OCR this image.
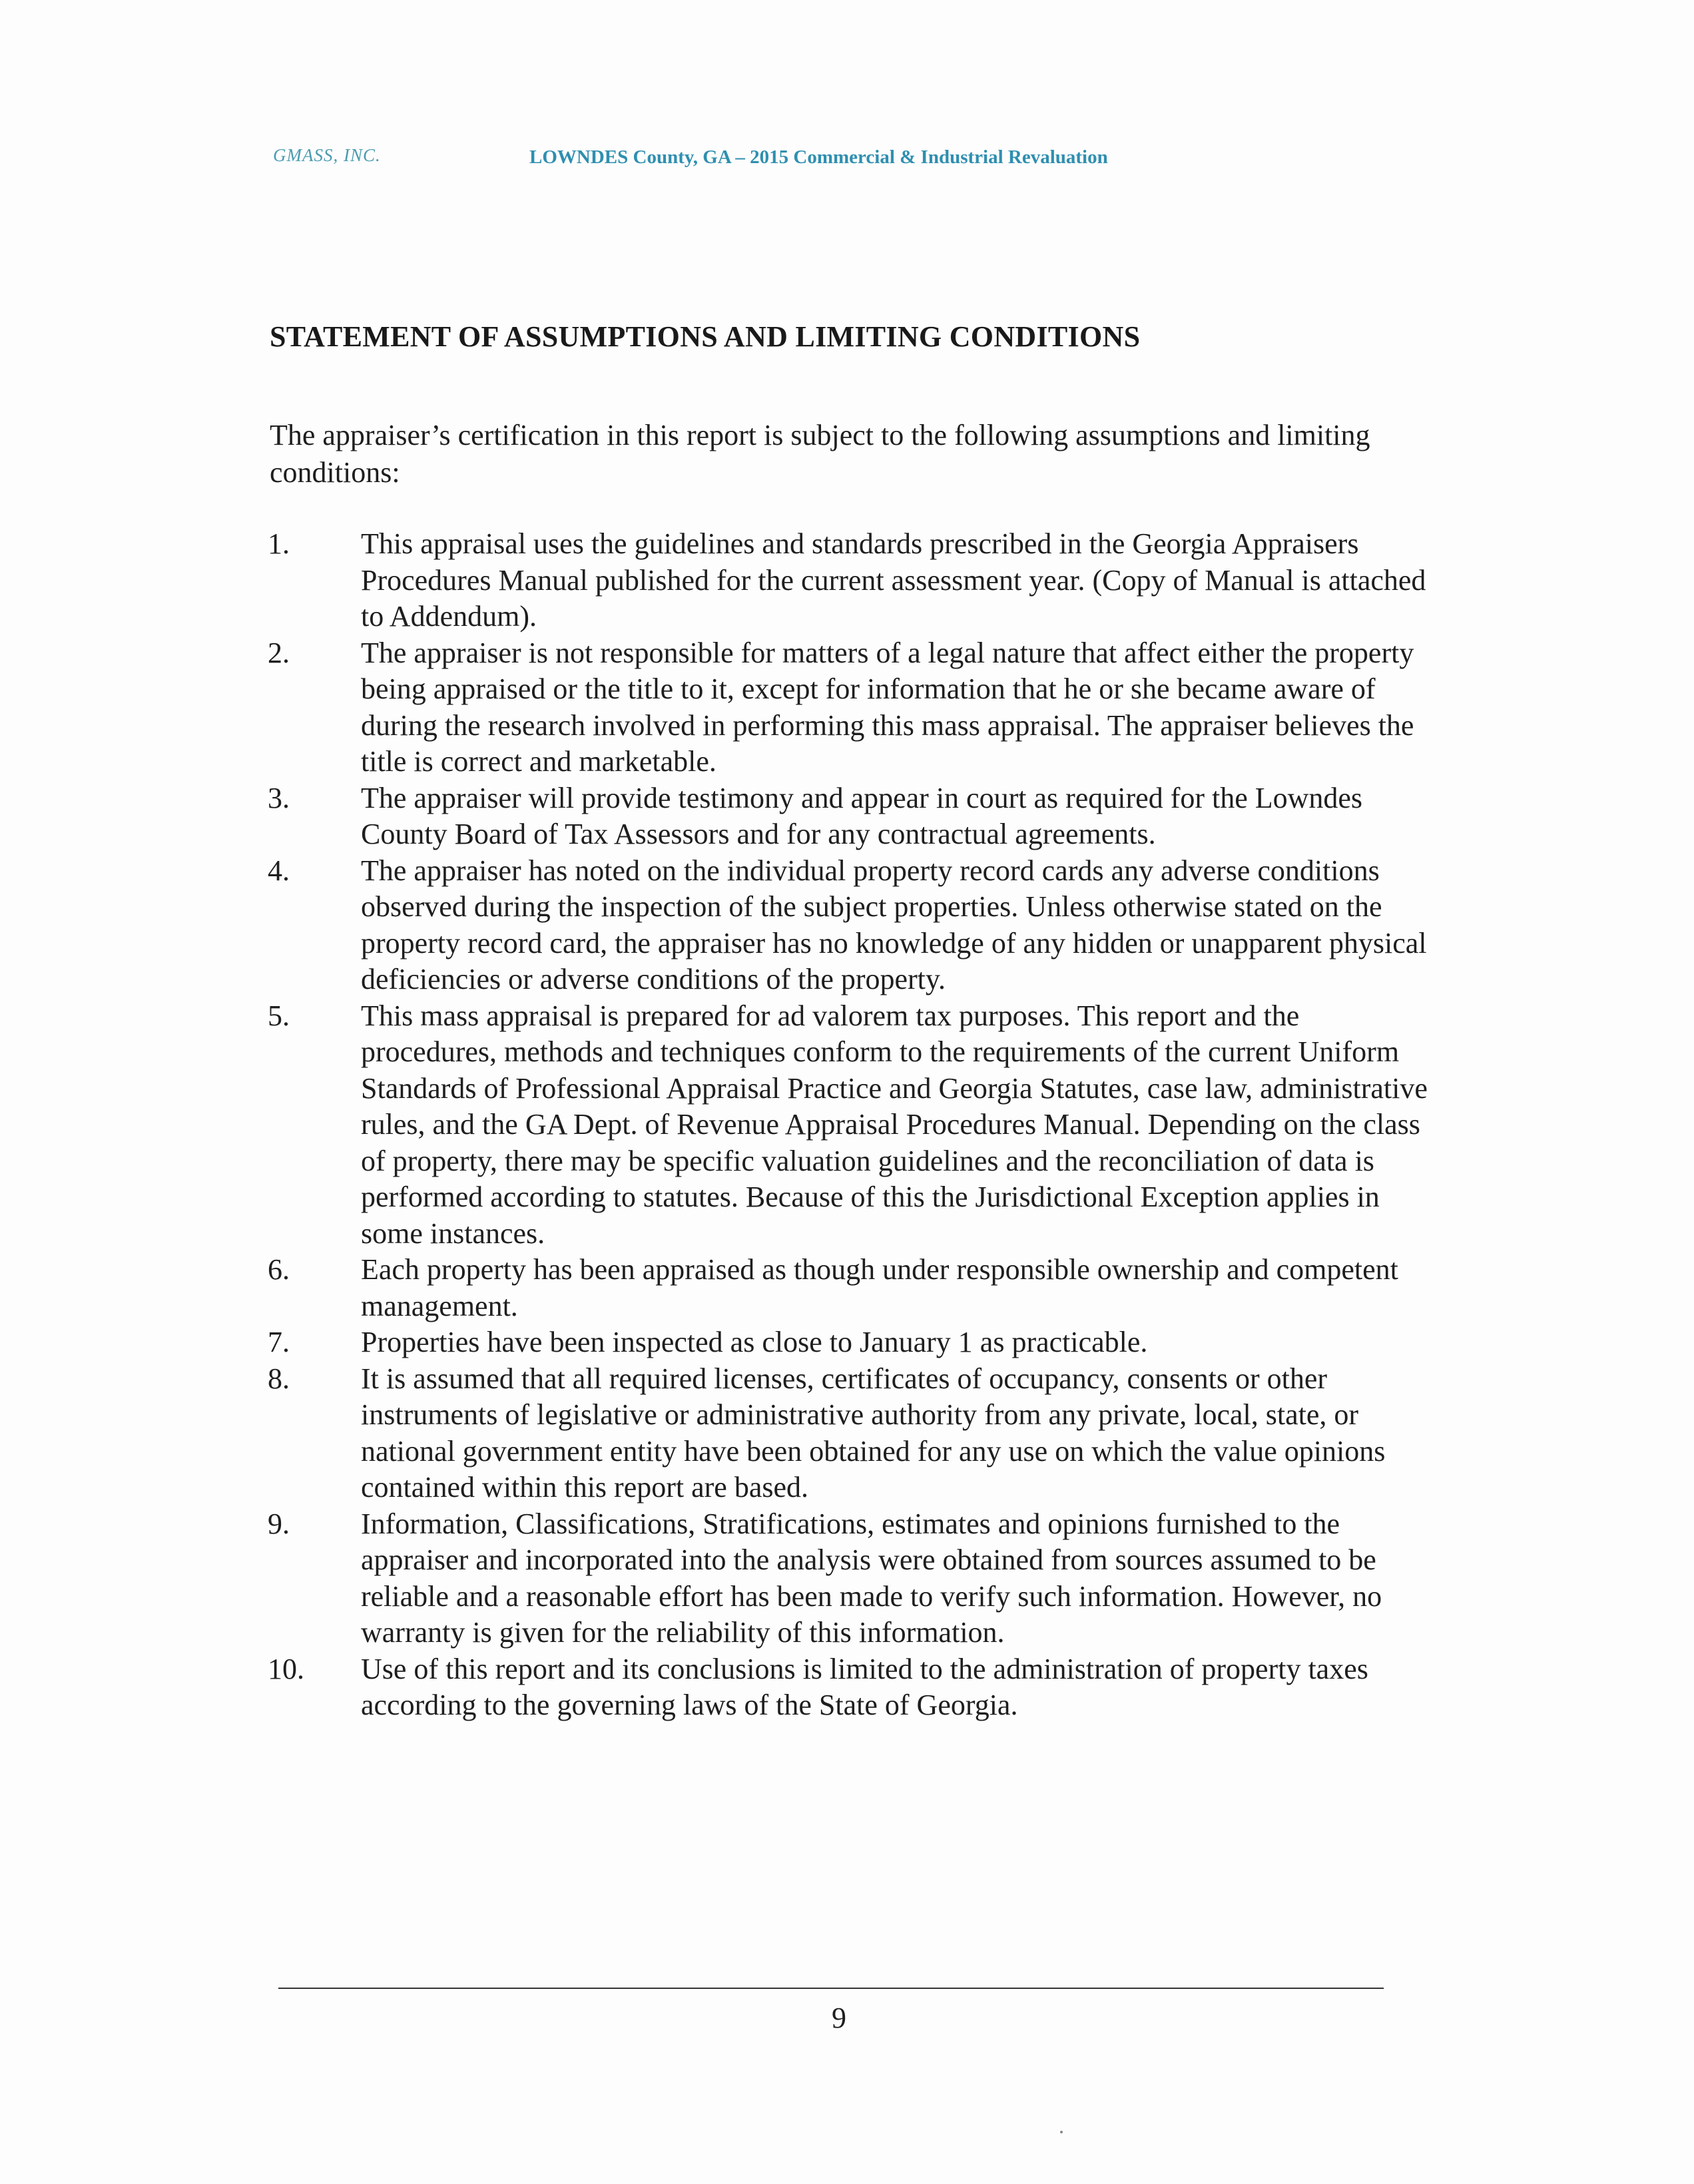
GMASS, INC.	LOWNDES County, GA – 2015 Commercial & Industrial Revaluation
STATEMENT OF ASSUMPTIONS AND LIMITING CONDITIONS
The appraiser’s certification in this report is subject to the following assumptions and limiting conditions:
1.	This appraisal uses the guidelines and standards prescribed in the Georgia Appraisers Procedures Manual published for the current assessment year. (Copy of Manual is attached to Addendum).
2.	The appraiser is not responsible for matters of a legal nature that affect either the property being appraised or the title to it, except for information that he or she became aware of during the research involved in performing this mass appraisal. The appraiser believes the title is correct and marketable.
3.	The appraiser will provide testimony and appear in court as required for the Lowndes County Board of Tax Assessors and for any contractual agreements.
4.	The appraiser has noted on the individual property record cards any adverse conditions observed during the inspection of the subject properties. Unless otherwise stated on the property record card, the appraiser has no knowledge of any hidden or unapparent physical deficiencies or adverse conditions of the property.
5.	This mass appraisal is prepared for ad valorem tax purposes. This report and the procedures, methods and techniques conform to the requirements of the current Uniform Standards of Professional Appraisal Practice and Georgia Statutes, case law, administrative rules, and the GA Dept. of Revenue Appraisal Procedures Manual. Depending on the class of property, there may be specific valuation guidelines and the reconciliation of data is performed according to statutes. Because of this the Jurisdictional Exception applies in some instances.
6.	Each property has been appraised as though under responsible ownership and competent management.
7.	Properties have been inspected as close to January 1 as practicable.
8.	It is assumed that all required licenses, certificates of occupancy, consents or other instruments of legislative or administrative authority from any private, local, state, or national government entity have been obtained for any use on which the value opinions contained within this report are based.
9.	Information, Classifications, Stratifications, estimates and opinions furnished to the appraiser and incorporated into the analysis were obtained from sources assumed to be reliable and a reasonable effort has been made to verify such information. However, no warranty is given for the reliability of this information.
10.	Use of this report and its conclusions is limited to the administration of property taxes according to the governing laws of the State of Georgia.
9
